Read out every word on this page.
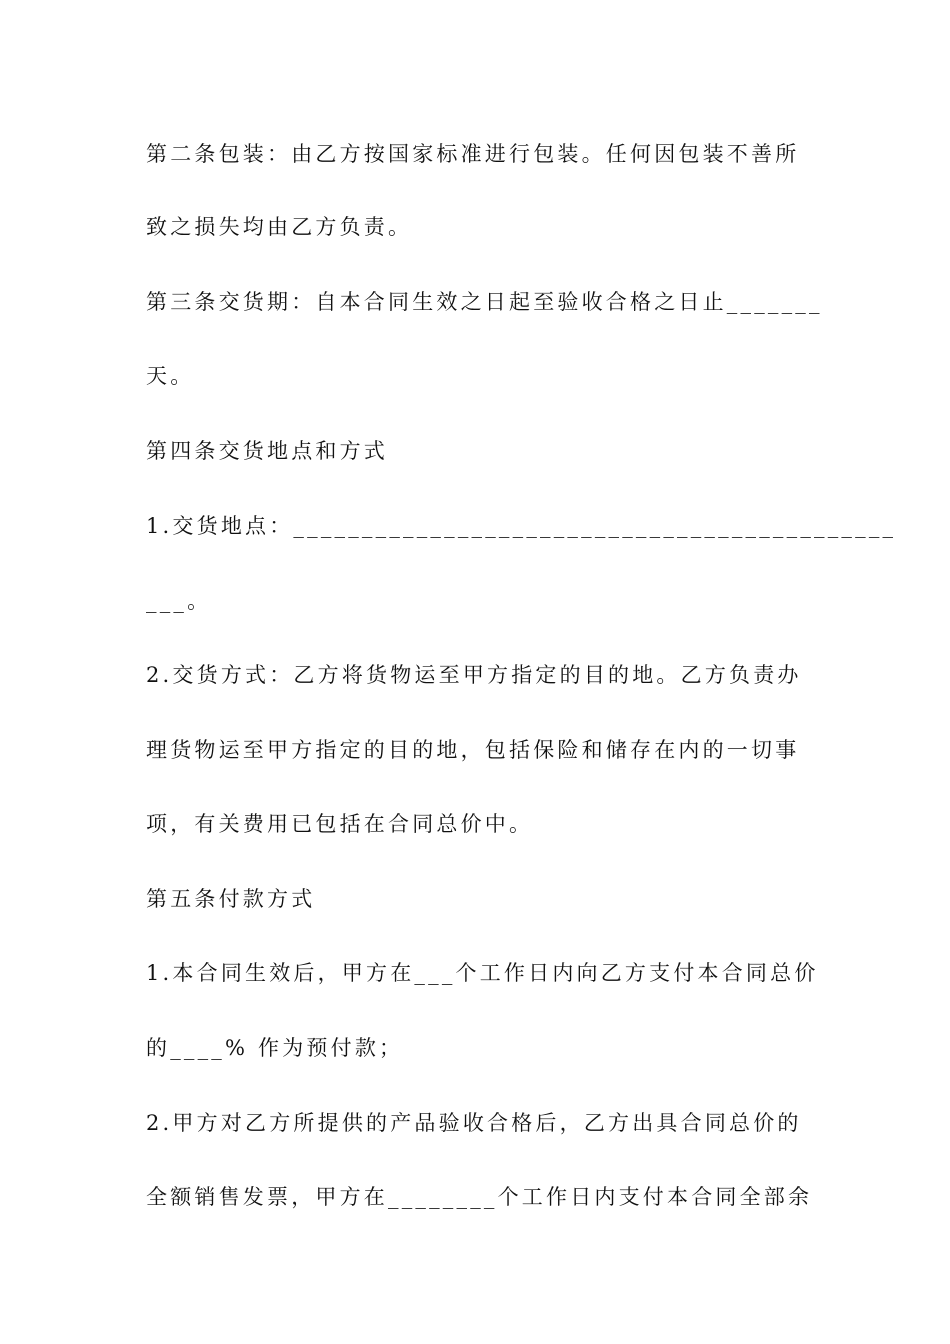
第二条包装：由乙方按国家标准进行包装。任何因包装不善所
致之损失均由乙方负责。
第三条交货期：自本合同生效之日起至验收合格之日止_______
天。
第四条交货地点和方式
1.交货地点：____________________________________________
___。
2.交货方式：乙方将货物运至甲方指定的目的地。乙方负责办
理货物运至甲方指定的目的地，包括保险和储存在内的一切事
项，有关费用已包括在合同总价中。
第五条付款方式
1.本合同生效后，甲方在___个工作日内向乙方支付本合同总价
的____% 作为预付款；
2.甲方对乙方所提供的产品验收合格后，乙方出具合同总价的
全额销售发票，甲方在________个工作日内支付本合同全部余
